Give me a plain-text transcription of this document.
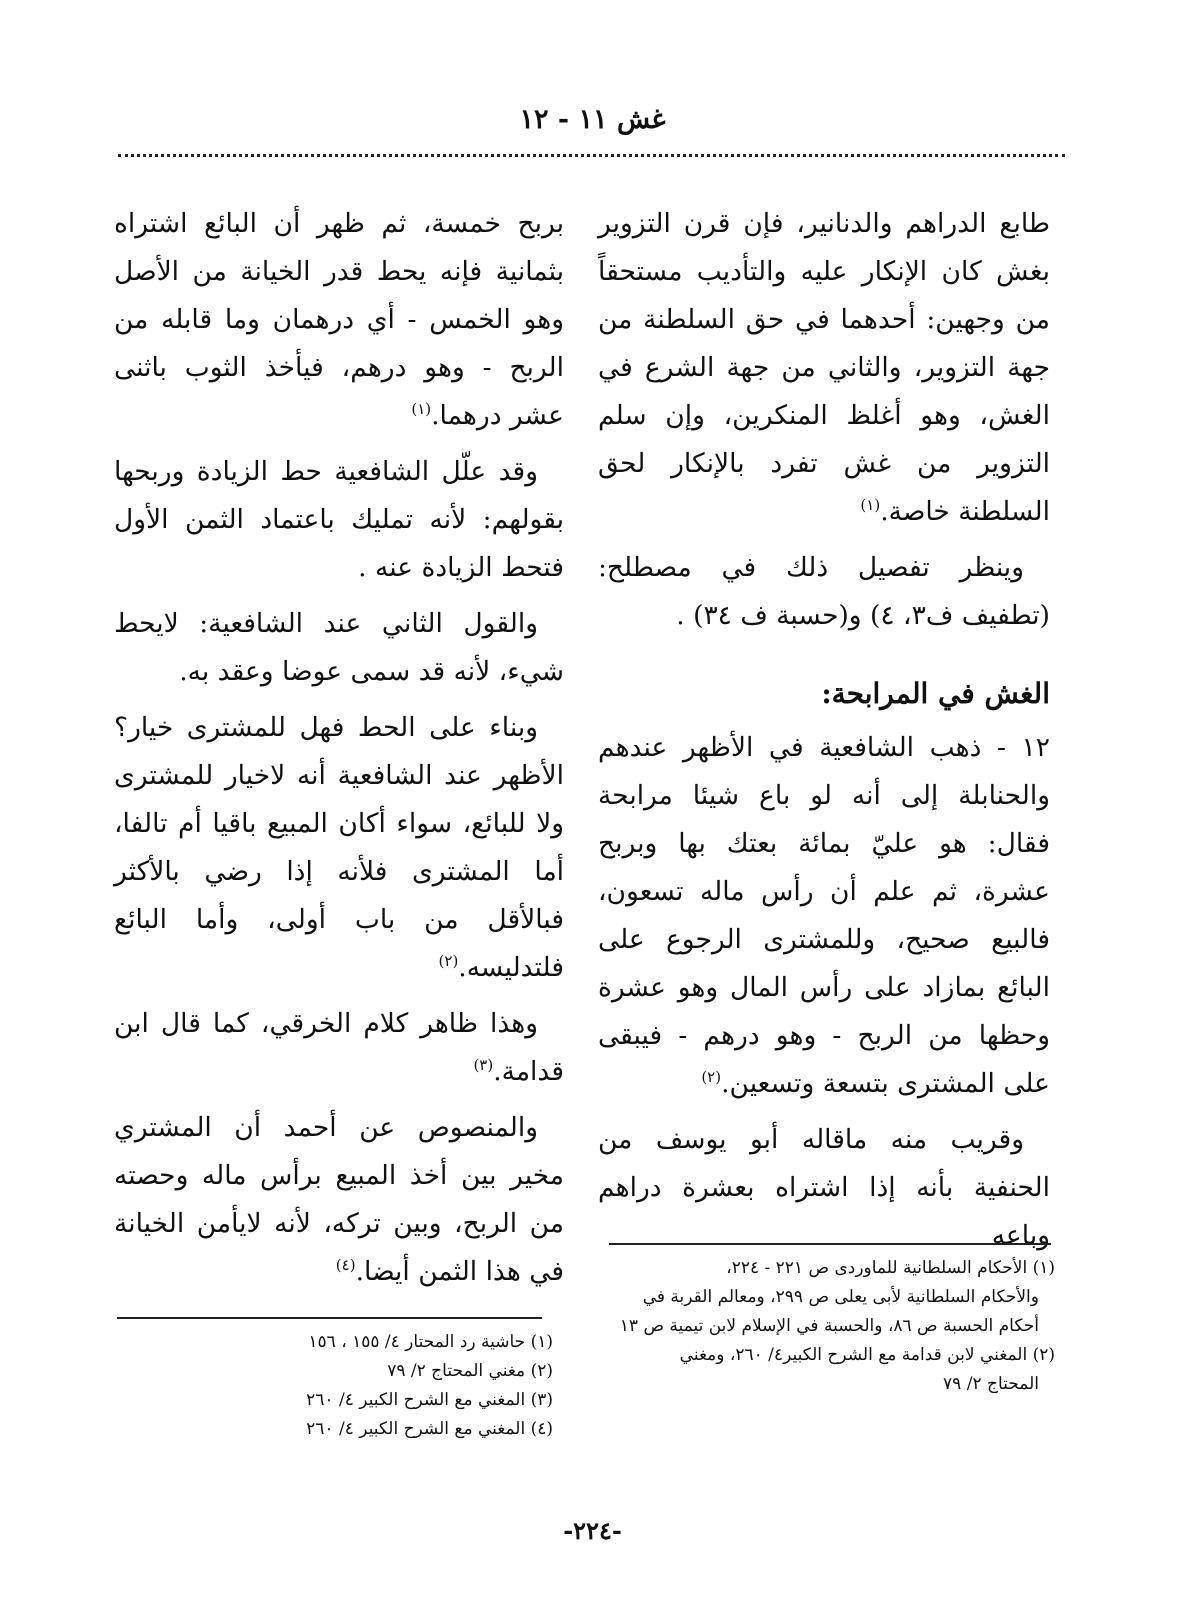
غش ١١ - ١٢

طابع الدراهم والدنانير، فإن قرن التزوير بغش كان الإنكار عليه والتأديب مستحقاً من وجهين: أحدهما في حق السلطنة من جهة التزوير، والثاني من جهة الشرع في الغش، وهو أغلظ المنكرين، وإن سلم التزوير من غش تفرد بالإنكار لحق السلطنة خاصة.$^{(١)}$

وينظر تفصيل ذلك في مصطلح: (تطفيف ف٣، ٤) و(حسبة ف ٣٤) .

الغش في المرابحة:

١٢ - ذهب الشافعية في الأظهر عندهم والحنابلة إلى أنه لو باع شيئا مرابحة فقال: هو عليّ بمائة بعتك بها وبربح عشرة، ثم علم أن رأس ماله تسعون، فالبيع صحيح، وللمشترى الرجوع على البائع بمازاد على رأس المال وهو عشرة وحظها من الربح - وهو درهم - فيبقى على المشترى بتسعة وتسعين.$^{(٢)}$

وقريب منه ماقاله أبو يوسف من الحنفية بأنه إذا اشتراه بعشرة دراهم وباعه

بربح خمسة، ثم ظهر أن البائع اشتراه بثمانية فإنه يحط قدر الخيانة من الأصل وهو الخمس - أي درهمان وما قابله من الربح - وهو درهم، فيأخذ الثوب باثنى عشر درهما.$^{(١)}$

وقد علّل الشافعية حط الزيادة وربحها بقولهم: لأنه تمليك باعتماد الثمن الأول فتحط الزيادة عنه .

والقول الثاني عند الشافعية: لايحط شيء، لأنه قد سمى عوضا وعقد به.

وبناء على الحط فهل للمشترى خيار؟ الأظهر عند الشافعية أنه لاخيار للمشترى ولا للبائع، سواء أكان المبيع باقيا أم تالفا، أما المشترى فلأنه إذا رضي بالأكثر فبالأقل من باب أولى، وأما البائع فلتدليسه.$^{(٢)}$

وهذا ظاهر كلام الخرقي، كما قال ابن قدامة.$^{(٣)}$

والمنصوص عن أحمد أن المشتري مخير بين أخذ المبيع برأس ماله وحصته من الربح، وبين تركه، لأنه لايأمن الخيانة في هذا الثمن أيضا.$^{(٤)}$	(١) الأحكام السلطانية للماوردى ص ٢٢١ - ٢٢٤،

والأحكام السلطانية لأبى يعلى ص ٢٩٩، ومعالم القربة في أحكام الحسبة ص ٨٦، والحسبة في الإسلام لابن تيمية ص ١٣

(٢) المغني لابن قدامة مع الشرح الكبير٤/ ٢٦٠، ومغني

المحتاج ٢/ ٧٩

(١) حاشية رد المحتار ٤/ ١٥٥ ، ١٥٦

(٢) مغني المحتاج ٢/ ٧٩

(٣) المغني مع الشرح الكبير ٤/ ٢٦٠

(٤) المغني مع الشرح الكبير ٤/ ٢٦٠

-٢٢٤-
